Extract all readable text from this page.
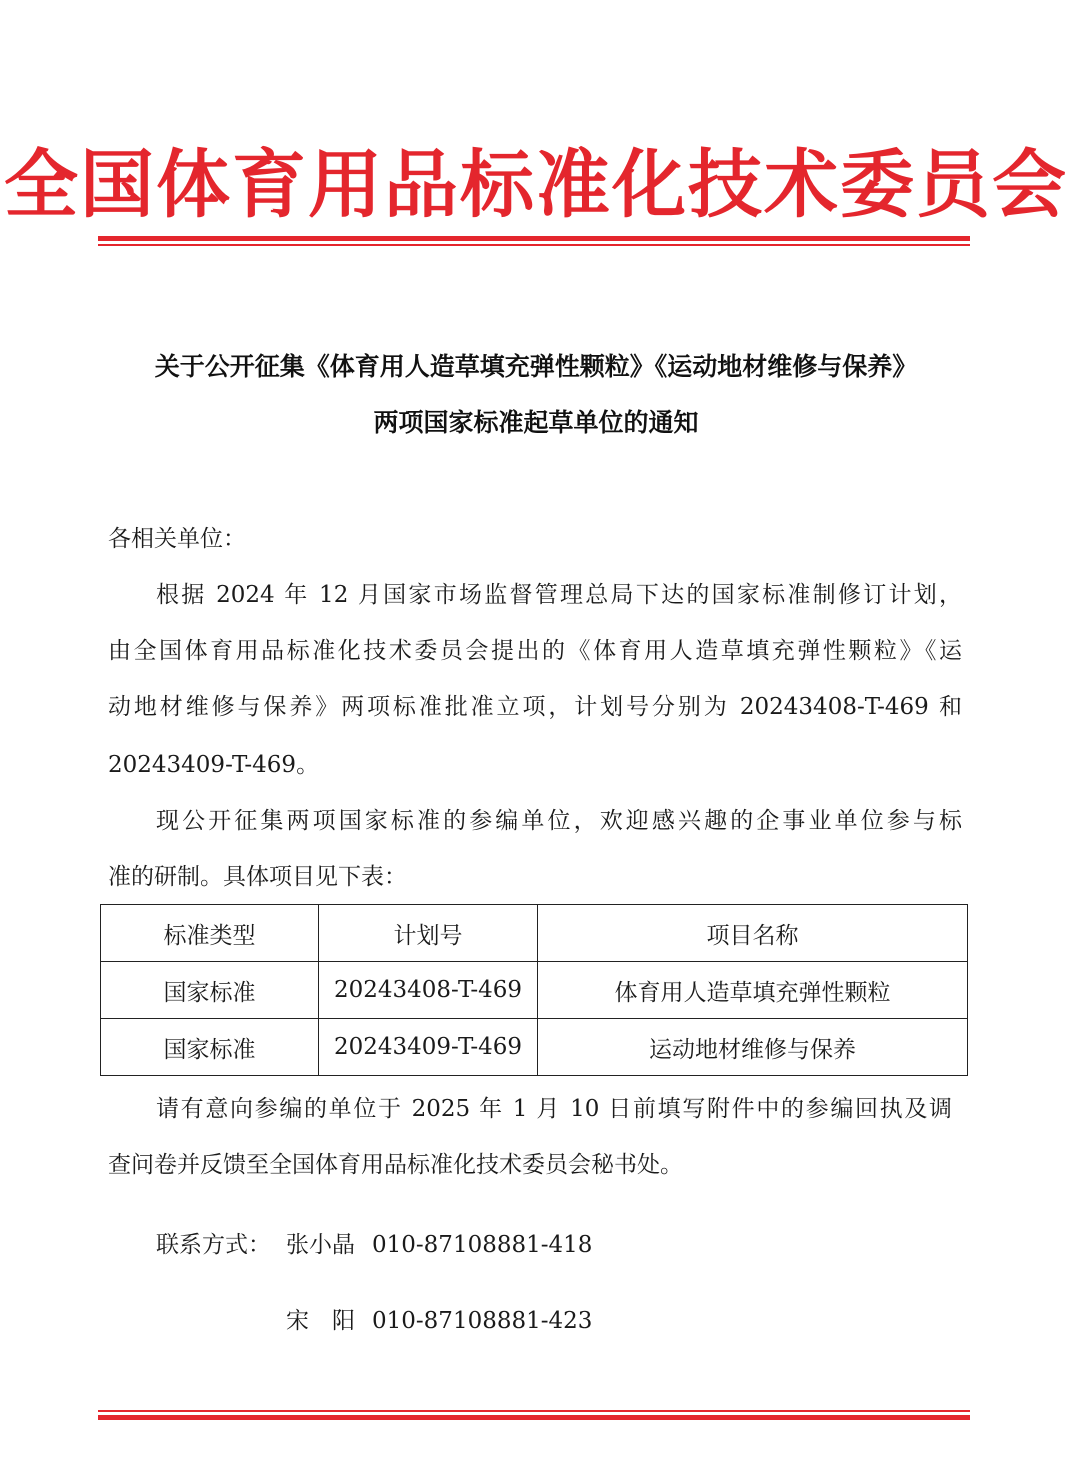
全国体育用品标准化技术委员会
关于公开征集《体育用人造草填充弹性颗粒》《运动地材维修与保养》
两项国家标准起草单位的通知
各相关单位：
根据 2024 年 12 月国家市场监督管理总局下达的国家标准制修订计划，
由全国体育用品标准化技术委员会提出的《体育用人造草填充弹性颗粒》《运
动地材维修与保养》两项标准批准立项，计划号分别为 20243408-T-469 和
20243409-T-469。
现公开征集两项国家标准的参编单位，欢迎感兴趣的企事业单位参与标
准的研制。具体项目见下表：
标准类型	计划号	项目名称
国家标准	20243408-T-469	体育用人造草填充弹性颗粒
国家标准	20243409-T-469	运动地材维修与保养
请有意向参编的单位于 2025 年 1 月 10 日前填写附件中的参编回执及调
查问卷并反馈至全国体育用品标准化技术委员会秘书处。
联系方式： 张小晶 010-87108881-418
宋　阳 010-87108881-423
